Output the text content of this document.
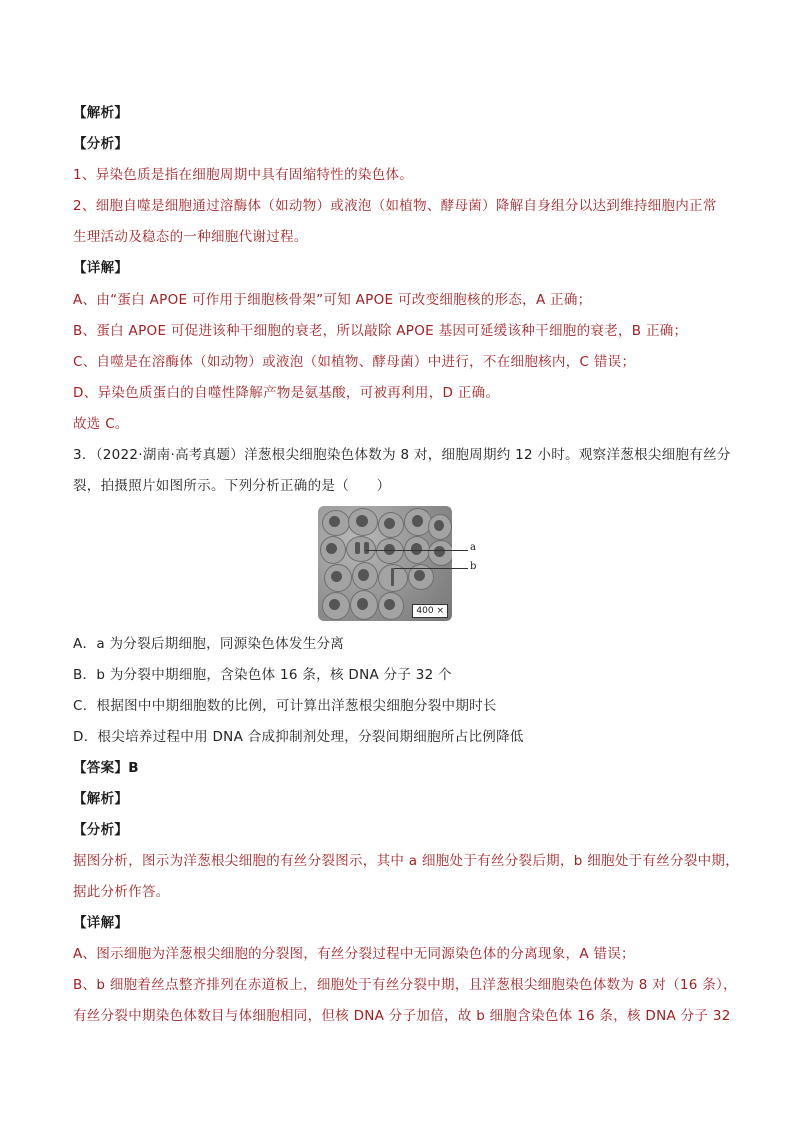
【解析】
【分析】
1、异染色质是指在细胞周期中具有固缩特性的染色体。
2、细胞自噬是细胞通过溶酶体（如动物）或液泡（如植物、酵母菌）降解自身组分以达到维持细胞内正常
生理活动及稳态的一种细胞代谢过程。
【详解】
A、由“蛋白 APOE 可作用于细胞核骨架”可知 APOE 可改变细胞核的形态，A 正确；
B、蛋白 APOE 可促进该种干细胞的衰老，所以敲除 APOE 基因可延缓该种干细胞的衰老，B 正确；
C、自噬是在溶酶体（如动物）或液泡（如植物、酵母菌）中进行，不在细胞核内，C 错误；
D、异染色质蛋白的自噬性降解产物是氨基酸，可被再利用，D 正确。
故选 C。
3．（2022·湖南·高考真题）洋葱根尖细胞染色体数为 8 对，细胞周期约 12 小时。观察洋葱根尖细胞有丝分
裂，拍摄照片如图所示。下列分析正确的是（　　）
A．a 为分裂后期细胞，同源染色体发生分离
B．b 为分裂中期细胞，含染色体 16 条，核 DNA 分子 32 个
C．根据图中中期细胞数的比例，可计算出洋葱根尖细胞分裂中期时长
D．根尖培养过程中用 DNA 合成抑制剂处理，分裂间期细胞所占比例降低
【答案】B
【解析】
【分析】
据图分析，图示为洋葱根尖细胞的有丝分裂图示，其中 a 细胞处于有丝分裂后期，b 细胞处于有丝分裂中期，
据此分析作答。
【详解】
A、图示细胞为洋葱根尖细胞的分裂图，有丝分裂过程中无同源染色体的分离现象，A 错误；
B、b 细胞着丝点整齐排列在赤道板上，细胞处于有丝分裂中期，且洋葱根尖细胞染色体数为 8 对（16 条），
有丝分裂中期染色体数目与体细胞相同，但核 DNA 分子加倍，故 b 细胞含染色体 16 条，核 DNA 分子 32
400 ×
a
b
